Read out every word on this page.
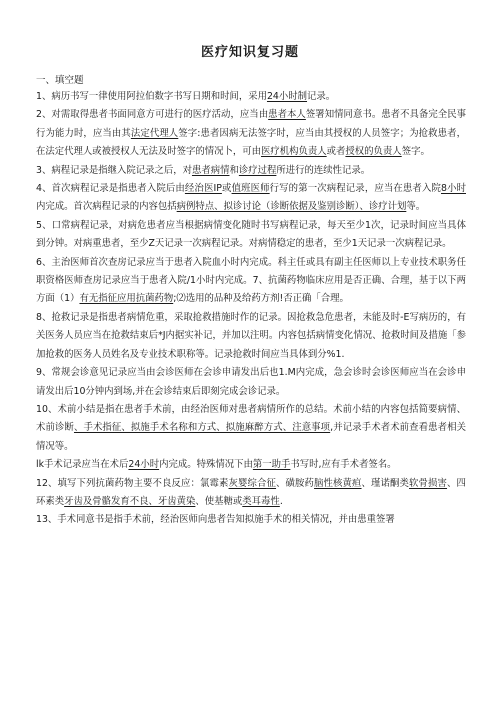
医疗知识复习题
一、填空题

1、病历书写一律使用阿拉伯数字书写日期和时间，采用24小时制记录。

2、对需取得患者书面同意方可进行的医疗活动，应当由患者本人签署知情同意书。患者不具备完全民事行为能力时，应当由其法定代理人签字:患者因病无法签字时，应当由其授权的人员签字；为抢救患者，在法定代理人或被授权人无法及时签字的情况卜，可由医疗机构负责人或者授权的负责人签字。

3、病程记录是指继入院记录之后，对患者病情和诊疗过程所进行的连续性记录。

4、首次病程记录是指患者入院后由经治医IP或值班医师行写的第一次病程记录，应当在患者入院8小时内完成。首次病程记录的内容包括病例特点、拟诊讨论（诊断依据及鉴别诊断）、诊疗计划等。

5、口常病程记录，对病危患者应当根据病情变化随时书写病程记录，每天至少1次，记录时间应当具体到分钟。对病重患者，至少Z天记录一次病程记录。对病情稳定的患者，至少1天记录一次病程记录。

6、主治医师首次查房记录应当于患者入院血小时内完成。科主任或具有副主任医师以上专业技术职务任职资格医师查房记录应当于患者入院/1小时内完成。7、抗菌药物临床应用是否正确、合理，基于以下两方面（1）有无指征应用抗菌药物;⑵选用的品种及给药方剂!否正确「合理。

8、抢救记录是指患者病情危重，采取抢救措施时作的记录。因抢救急危患者，未能及时-E写病历的，有关医务人员应当在抢救结束后*J内据实补记，并加以注明。内容包括病情变化情况、抢救时间及措施「参加抢救的医务人员姓名及专业技术职称等。记录抢救时间应当具体到分%1.

9、常规会诊意见记录应当由会诊医师在会诊申请发出后也1.M内完成，急会诊时会诊医师应当在会诊申请发出后10分钟内到场,并在会诊结束后即刻完成会诊记录。

10、术前小结是指在患者手术前，由经治医师对患者病情所作的总结。术前小结的内容包括简要病情、术前诊断、手术指征、拟施手术名称和方式、拟施麻醉方式、注意事项,并记录手术者术前查看患者相关情况等。

lk手术记录应当在术后24小时内完成。特殊情况下由第一助手书写时,应有手术者签名。

12、填写下列抗菌药物主要不良反应：氯霉素灰婴综合征、磺胺药脑性核黄疸、瑾诺酮类软骨损害、四环素类牙齿及骨骼发育不良、牙齿黄染、使基糖或类耳毒性.

13、手术同意书是指手术前，经治医师向患者告知拟施手术的相关情况，并由患重签署
